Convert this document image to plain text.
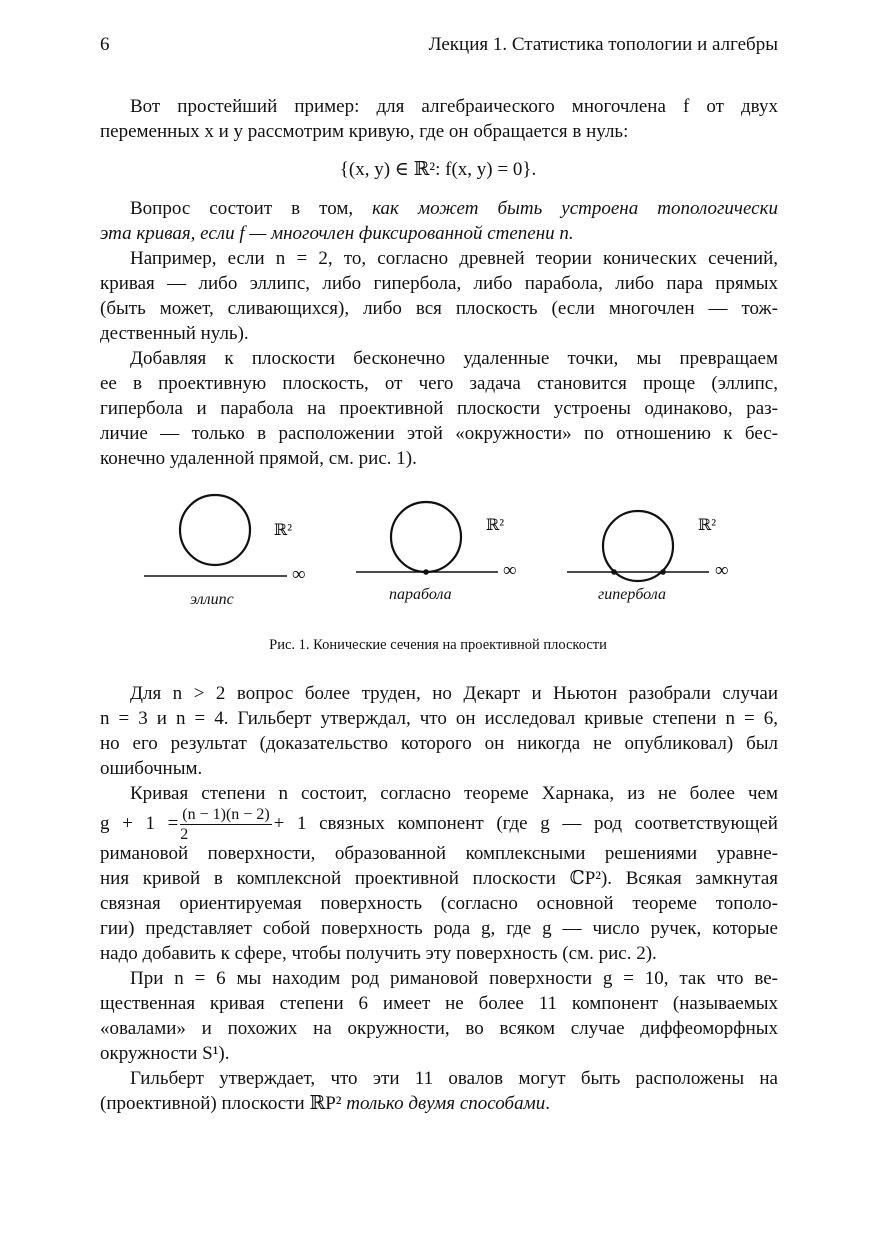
6	Лекция 1. Статистика топологии и алгебры
Вот простейший пример: для алгебраического многочлена f от двух
переменных x и y рассмотрим кривую, где он обращается в нуль:
{(x, y) ∈ ℝ²: f(x, y) = 0}.
Вопрос состоит в том, как может быть устроена топологически
эта кривая, если f — многочлен фиксированной степени n.
Например, если n = 2, то, согласно древней теории конических сечений,
кривая — либо эллипс, либо гипербола, либо парабола, либо пара прямых
(быть может, сливающихся), либо вся плоскость (если многочлен — тож-
дественный нуль).
Добавляя к плоскости бесконечно удаленные точки, мы превращаем
ее в проективную плоскость, от чего задача становится проще (эллипс,
гипербола и парабола на проективной плоскости устроены одинаково, раз-
личие — только в расположении этой «окружности» по отношению к бес-
конечно удаленной прямой, см. рис. 1).
ℝ²
∞
эллипс
ℝ²
∞
парабола
ℝ²
∞
гипербола
Рис. 1. Конические сечения на проективной плоскости
Для n > 2 вопрос более труден, но Декарт и Ньютон разобрали случаи
n = 3 и n = 4. Гильберт утверждал, что он исследовал кривые степени n = 6,
но его результат (доказательство которого он никогда не опубликовал) был
ошибочным.
Кривая степени n состоит, согласно теореме Харнака, из не более чем
$g + 1 = \frac{(n - 1)(n - 2)}{2} + 1$ связных компонент (где g — род соответствующей
римановой поверхности, образованной комплексными решениями уравне-
ния кривой в комплексной проективной плоскости ℂP²). Всякая замкнутая
связная ориентируемая поверхность (согласно основной теореме тополо-
гии) представляет собой поверхность рода g, где g — число ручек, которые
надо добавить к сфере, чтобы получить эту поверхность (см. рис. 2).
При n = 6 мы находим род римановой поверхности g = 10, так что ве-
щественная кривая степени 6 имеет не более 11 компонент (называемых
«овалами» и похожих на окружности, во всяком случае диффеоморфных
окружности S¹).
Гильберт утверждает, что эти 11 овалов могут быть расположены на
(проективной) плоскости ℝP² только двумя способами.
